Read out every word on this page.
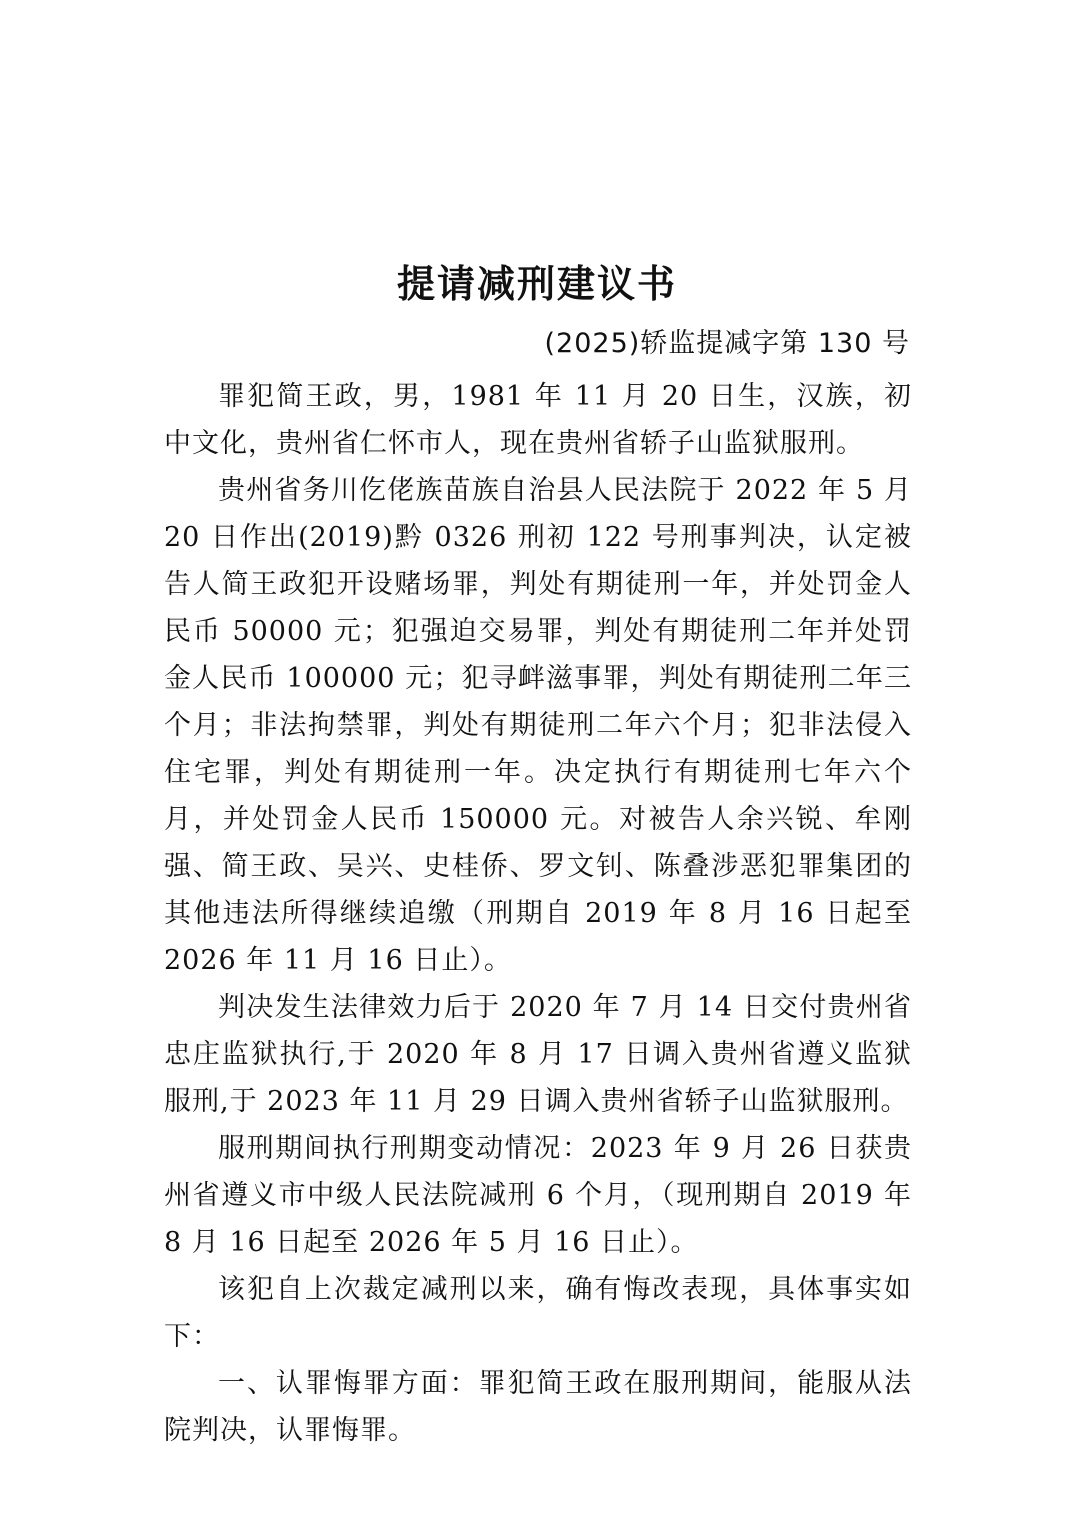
提请减刑建议书
(2025)轿监提减字第 130 号

罪犯简王政，男，1981 年 11 月 20 日生，汉族，初中文化，贵州省仁怀市人，现在贵州省轿子山监狱服刑。

贵州省务川仡佬族苗族自治县人民法院于 2022 年 5 月 20 日作出(2019)黔 0326 刑初 122 号刑事判决，认定被告人简王政犯开设赌场罪，判处有期徒刑一年，并处罚金人民币 50000 元；犯强迫交易罪，判处有期徒刑二年并处罚金人民币 100000 元；犯寻衅滋事罪，判处有期徒刑二年三个月；非法拘禁罪，判处有期徒刑二年六个月；犯非法侵入住宅罪，判处有期徒刑一年。决定执行有期徒刑七年六个月，并处罚金人民币 150000 元。对被告人余兴锐、牟刚强、简王政、吴兴、史桂侨、罗文钊、陈叠涉恶犯罪集团的其他违法所得继续追缴（刑期自 2019 年 8 月 16 日起至 2026 年 11 月 16 日止）。

判决发生法律效力后于 2020 年 7 月 14 日交付贵州省忠庄监狱执行,于 2020 年 8 月 17 日调入贵州省遵义监狱服刑,于 2023 年 11 月 29 日调入贵州省轿子山监狱服刑。

服刑期间执行刑期变动情况：2023 年 9 月 26 日获贵州省遵义市中级人民法院减刑 6 个月，（现刑期自 2019 年 8 月 16 日起至 2026 年 5 月 16 日止）。

该犯自上次裁定减刑以来，确有悔改表现，具体事实如下：

一、认罪悔罪方面：罪犯简王政在服刑期间，能服从法院判决，认罪悔罪。
